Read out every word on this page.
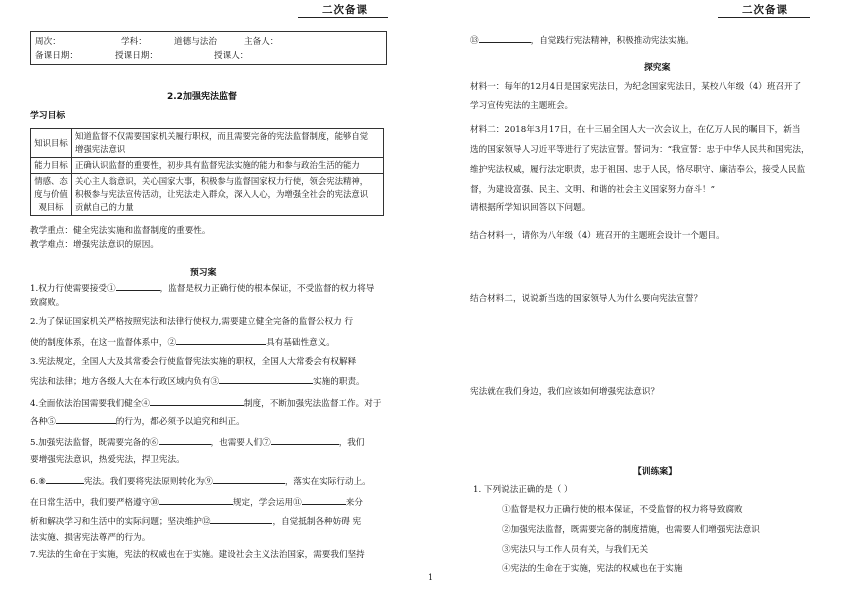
二次备课	二次备课
周次：	学科：	道德与法治	主备人：
备课日期：	授课日期：	授课人：
2.2加强宪法监督
学习目标
知识目标	知道监督不仅需要国家机关履行职权，而且需要完备的宪法监督制度，能够自觉
增强宪法意识
能力目标	正确认识监督的重要性，初步具有监督宪法实施的能力和参与政治生活的能力
情感、态
度与价值
观目标	关心主人翁意识，关心国家大事，积极参与监督国家权力行使，领会宪法精神，
积极参与宪法宣传活动，让宪法走入群众，深入人心，为增强全社会的宪法意识
贡献自己的力量
教学重点：健全宪法实施和监督制度的重要性。
教学难点：增强宪法意识的原因。
预习案
1.权力行使需要接受①	，监督是权力正确行使的根本保证，不受监督的权力将导
致腐败。
2.为了保证国家机关严格按照宪法和法律行使权力,需要建立健全完备的监督公权力 行
使的制度体系，在这一监督体系中，②	具有基础性意义。
3.宪法规定，全国人大及其常委会行使监督宪法实施的职权，全国人大常委会有权解释
宪法和法律；地方各级人大在本行政区域内负有③	实施的职责。
4.全面依法治国需要我们健全④	制度，不断加强宪法监督工作。对于
各种⑤	的行为，都必须予以追究和纠正。
5.加强宪法监督，既需要完备的⑥	，也需要人们⑦	，我们
要增强宪法意识，热爱宪法，捍卫宪法。
6.⑧	宪法。我们要将宪法原则转化为⑨	，落实在实际行动上。
在日常生活中，我们要严格遵守⑩	规定，学会运用⑪	来分
析和解决学习和生活中的实际问题；坚决维护⑫	，自觉抵制各种妨碍 宪
法实施、损害宪法尊严的行为。
7.宪法的生命在于实施，宪法的权威也在于实施。建设社会主义法治国家，需要我们坚持
⑬	，自觉践行宪法精神，积极推动宪法实施。
探究案
材料一：每年的12月4日是国家宪法日，为纪念国家宪法日，某校八年级（4）班召开了
学习宣传宪法的主题班会。
材料二：2018年3月17日，在十三届全国人大一次会议上，在亿万人民的瞩目下，新当
选的国家领导人习近平等进行了宪法宣誓。誓词为：“我宣誓：忠于中华人民共和国宪法，
维护宪法权威，履行法定职责，忠于祖国、忠于人民，恪尽职守、廉洁奉公，接受人民监
督，为建设富强、民主、文明、和谐的社会主义国家努力奋斗！”
请根据所学知识回答以下问题。
结合材料一，请你为八年级（4）班召开的主题班会设计一个题目。
结合材料二，说说新当选的国家领导人为什么要向宪法宣誓？
宪法就在我们身边，我们应该如何增强宪法意识？
【训练案】
1. 下列说法正确的是（ ）
①监督是权力正确行使的根本保证，不受监督的权力将导致腐败
②加强宪法监督，既需要完备的制度措施，也需要人们增强宪法意识
③宪法只与工作人员有关，与我们无关
④宪法的生命在于实施，宪法的权威也在于实施
1
